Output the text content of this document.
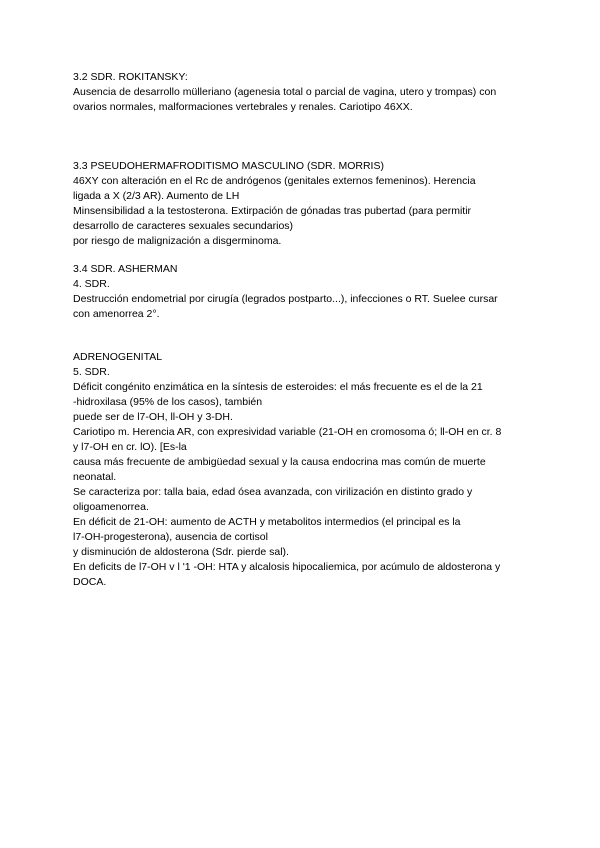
3.2 SDR. ROKITANSKY:
Ausencia de desarrollo mülleriano (agenesia total o parcial de vagina, utero y trompas) con
ovarios normales, malformaciones vertebrales y renales. Cariotipo 46XX.
3.3 PSEUDOHERMAFRODITISMO MASCULINO (SDR. MORRIS)
46XY con alteración en el Rc de andrógenos (genitales externos femeninos). Herencia
ligada a X (2/3 AR). Aumento de LH
Minsensibilidad a la testosterona. Extirpación de gónadas tras pubertad (para permitir
desarrollo de caracteres sexuales secundarios)
por riesgo de malignización a disgerminoma.
3.4 SDR. ASHERMAN
4. SDR.
Destrucción endometrial por cirugía (legrados postparto...), infecciones o RT. Suelee cursar
con amenorrea 2°.
ADRENOGENITAL
5. SDR.
Déficit congénito enzimática en la síntesis de esteroides: el más frecuente es el de la 21
-hidroxilasa (95% de los casos), también
puede ser de l7-OH, ll-OH y 3-DH.
Cariotipo m. Herencia AR, con expresividad variable (21-OH en cromosoma ó; ll-OH en cr. 8
y l7-OH en cr. lO). [Es-la
causa más frecuente de ambigüedad sexual y la causa endocrina mas común de muerte
neonatal.
Se caracteriza por: talla baia, edad ósea avanzada, con virilización en distinto grado y
oligoamenorrea.
En déficit de 21-OH: aumento de ACTH y metabolitos intermedios (el principal es la
l7-OH-progesterona), ausencia de cortisol
y disminución de aldosterona (Sdr. pierde sal).
En deficits de l7-OH v l '1 -OH: HTA y alcalosis hipocaliemica, por acúmulo de aldosterona y
DOCA.
